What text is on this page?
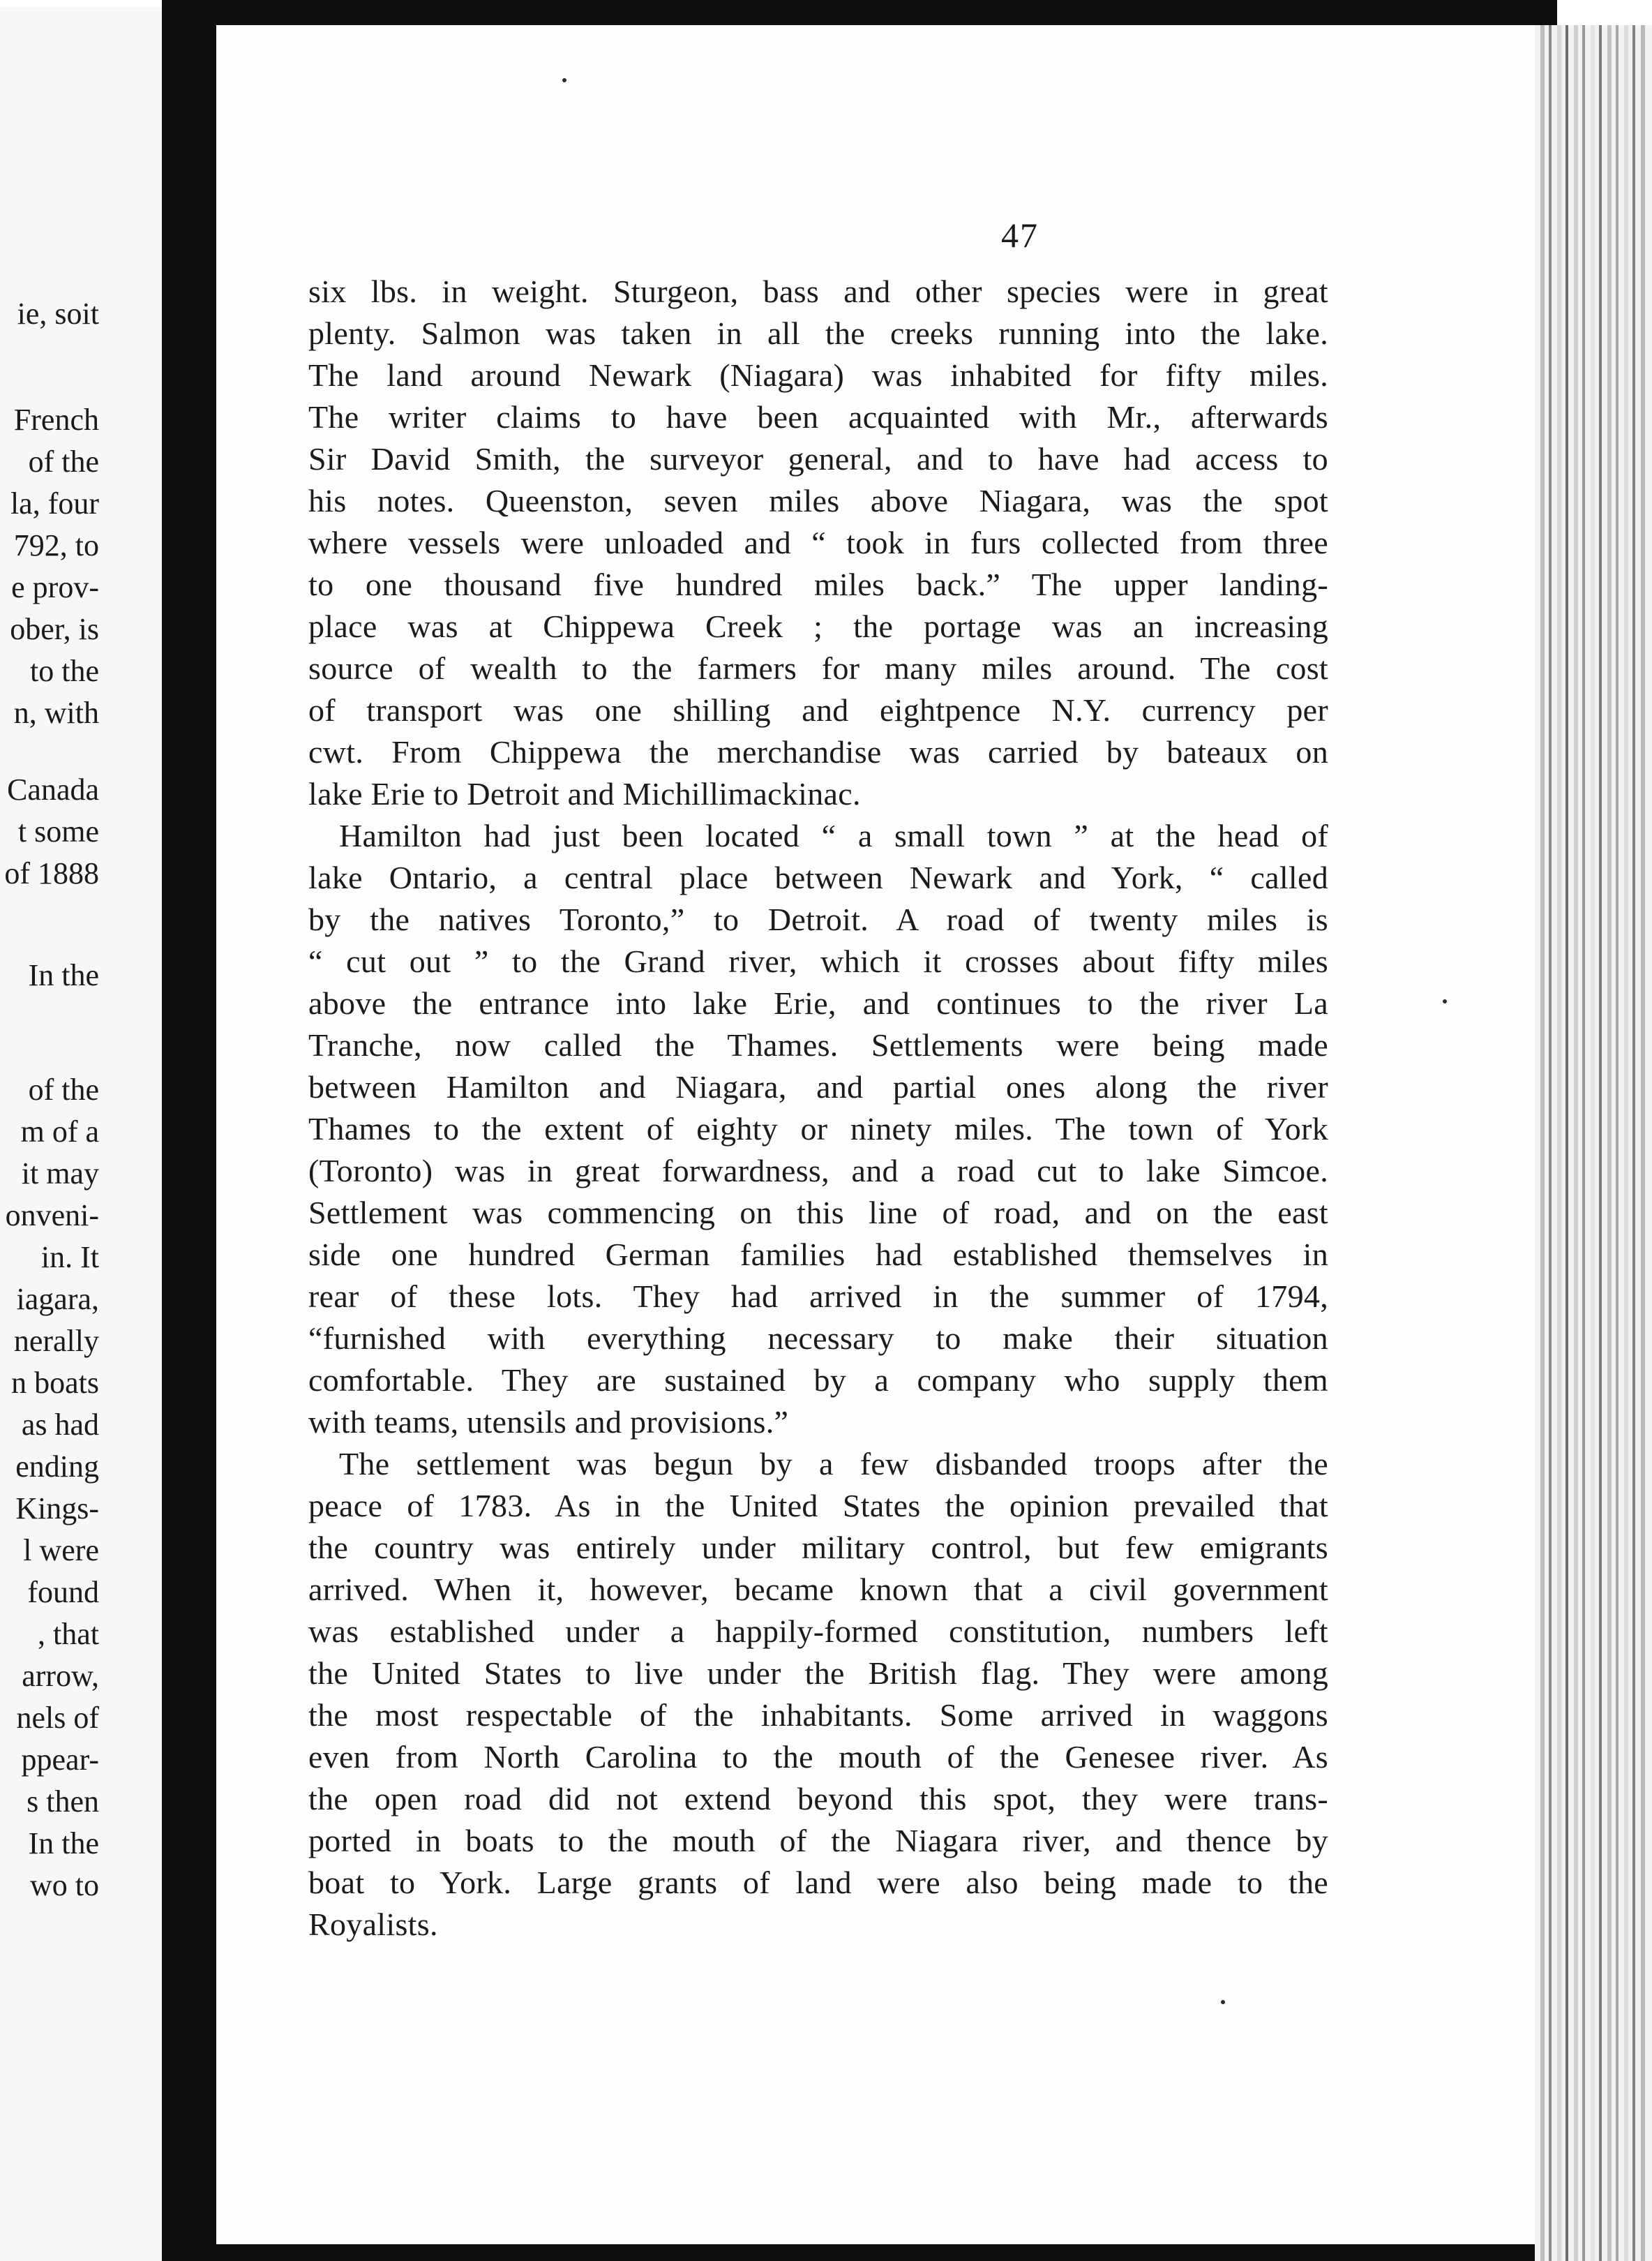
ie, soit
French
of the
la, four
792, to
e prov-
ober, is
to the
n, with
Canada
t some
of 1888
In the
of the
m of a
it may
onveni-
in. It
iagara,
nerally
n boats
as had
ending
Kings-
l were
found
, that
arrow,
nels of
ppear-
s then
In the
wo to
47
six lbs. in weight. Sturgeon, bass and other species were in great
plenty. Salmon was taken in all the creeks running into the lake.
The land around Newark (Niagara) was inhabited for fifty miles.
The writer claims to have been acquainted with Mr., afterwards
Sir David Smith, the surveyor general, and to have had access to
his notes. Queenston, seven miles above Niagara, was the spot
where vessels were unloaded and “ took in furs collected from three
to one thousand five hundred miles back.” The upper landing-
place was at Chippewa Creek ; the portage was an increasing
source of wealth to the farmers for many miles around. The cost
of transport was one shilling and eightpence N.Y. currency per
cwt. From Chippewa the merchandise was carried by bateaux on
lake Erie to Detroit and Michillimackinac.
Hamilton had just been located “ a small town ” at the head of
lake Ontario, a central place between Newark and York, “ called
by the natives Toronto,” to Detroit. A road of twenty miles is
“ cut out ” to the Grand river, which it crosses about fifty miles
above the entrance into lake Erie, and continues to the river La
Tranche, now called the Thames. Settlements were being made
between Hamilton and Niagara, and partial ones along the river
Thames to the extent of eighty or ninety miles. The town of York
(Toronto) was in great forwardness, and a road cut to lake Simcoe.
Settlement was commencing on this line of road, and on the east
side one hundred German families had established themselves in
rear of these lots. They had arrived in the summer of 1794,
“furnished with everything necessary to make their situation
comfortable. They are sustained by a company who supply them
with teams, utensils and provisions.”
The settlement was begun by a few disbanded troops after the
peace of 1783. As in the United States the opinion prevailed that
the country was entirely under military control, but few emigrants
arrived. When it, however, became known that a civil government
was established under a happily-formed constitution, numbers left
the United States to live under the British flag. They were among
the most respectable of the inhabitants. Some arrived in waggons
even from North Carolina to the mouth of the Genesee river. As
the open road did not extend beyond this spot, they were trans-
ported in boats to the mouth of the Niagara river, and thence by
boat to York. Large grants of land were also being made to the
Royalists.
